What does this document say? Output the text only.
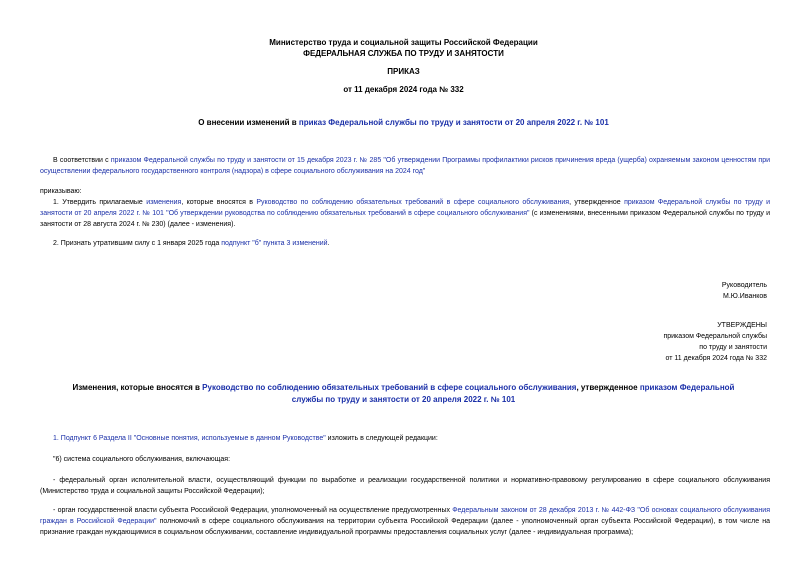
Министерство труда и социальной защиты Российской Федерации
ФЕДЕРАЛЬНАЯ СЛУЖБА ПО ТРУДУ И ЗАНЯТОСТИ
ПРИКАЗ
от 11 декабря 2024 года № 332
О внесении изменений в приказ Федеральной службы по труду и занятости от 20 апреля 2022 г. № 101
В соответствии с приказом Федеральной службы по труду и занятости от 15 декабря 2023 г. № 285 "Об утверждении Программы профилактики рисков причинения вреда (ущерба) охраняемым законом ценностям при осуществлении федерального государственного контроля (надзора) в сфере социального обслуживания на 2024 год"
приказываю:
1. Утвердить прилагаемые изменения, которые вносятся в Руководство по соблюдению обязательных требований в сфере социального обслуживания, утвержденное приказом Федеральной службы по труду и занятости от 20 апреля 2022 г. № 101 "Об утверждении руководства по соблюдению обязательных требований в сфере социального обслуживания" (с изменениями, внесенными приказом Федеральной службы по труду и занятости от 28 августа 2024 г. № 230) (далее - изменения).
2. Признать утратившим силу с 1 января 2025 года подпункт "б" пункта 3 изменений.
Руководитель
М.Ю.Иванков
УТВЕРЖДЕНЫ
приказом Федеральной службы
по труду и занятости
от 11 декабря 2024 года № 332
Изменения, которые вносятся в Руководство по соблюдению обязательных требований в сфере социального обслуживания, утвержденное приказом Федеральной службы по труду и занятости от 20 апреля 2022 г. № 101
1. Подпункт 6 Раздела II "Основные понятия, используемые в данном Руководстве" изложить в следующей редакции:
"6) система социального обслуживания, включающая:
- федеральный орган исполнительной власти, осуществляющий функции по выработке и реализации государственной политики и нормативно-правовому регулированию в сфере социального обслуживания (Министерство труда и социальной защиты Российской Федерации);
- орган государственной власти субъекта Российской Федерации, уполномоченный на осуществление предусмотренных Федеральным законом от 28 декабря 2013 г. № 442-ФЗ "Об основах социального обслуживания граждан в Российской Федерации" полномочий в сфере социального обслуживания на территории субъекта Российской Федерации (далее - уполномоченный орган субъекта Российской Федерации), в том числе на признание граждан нуждающимися в социальном обслуживании, составление индивидуальной программы предоставления социальных услуг (далее - индивидуальная программа);
